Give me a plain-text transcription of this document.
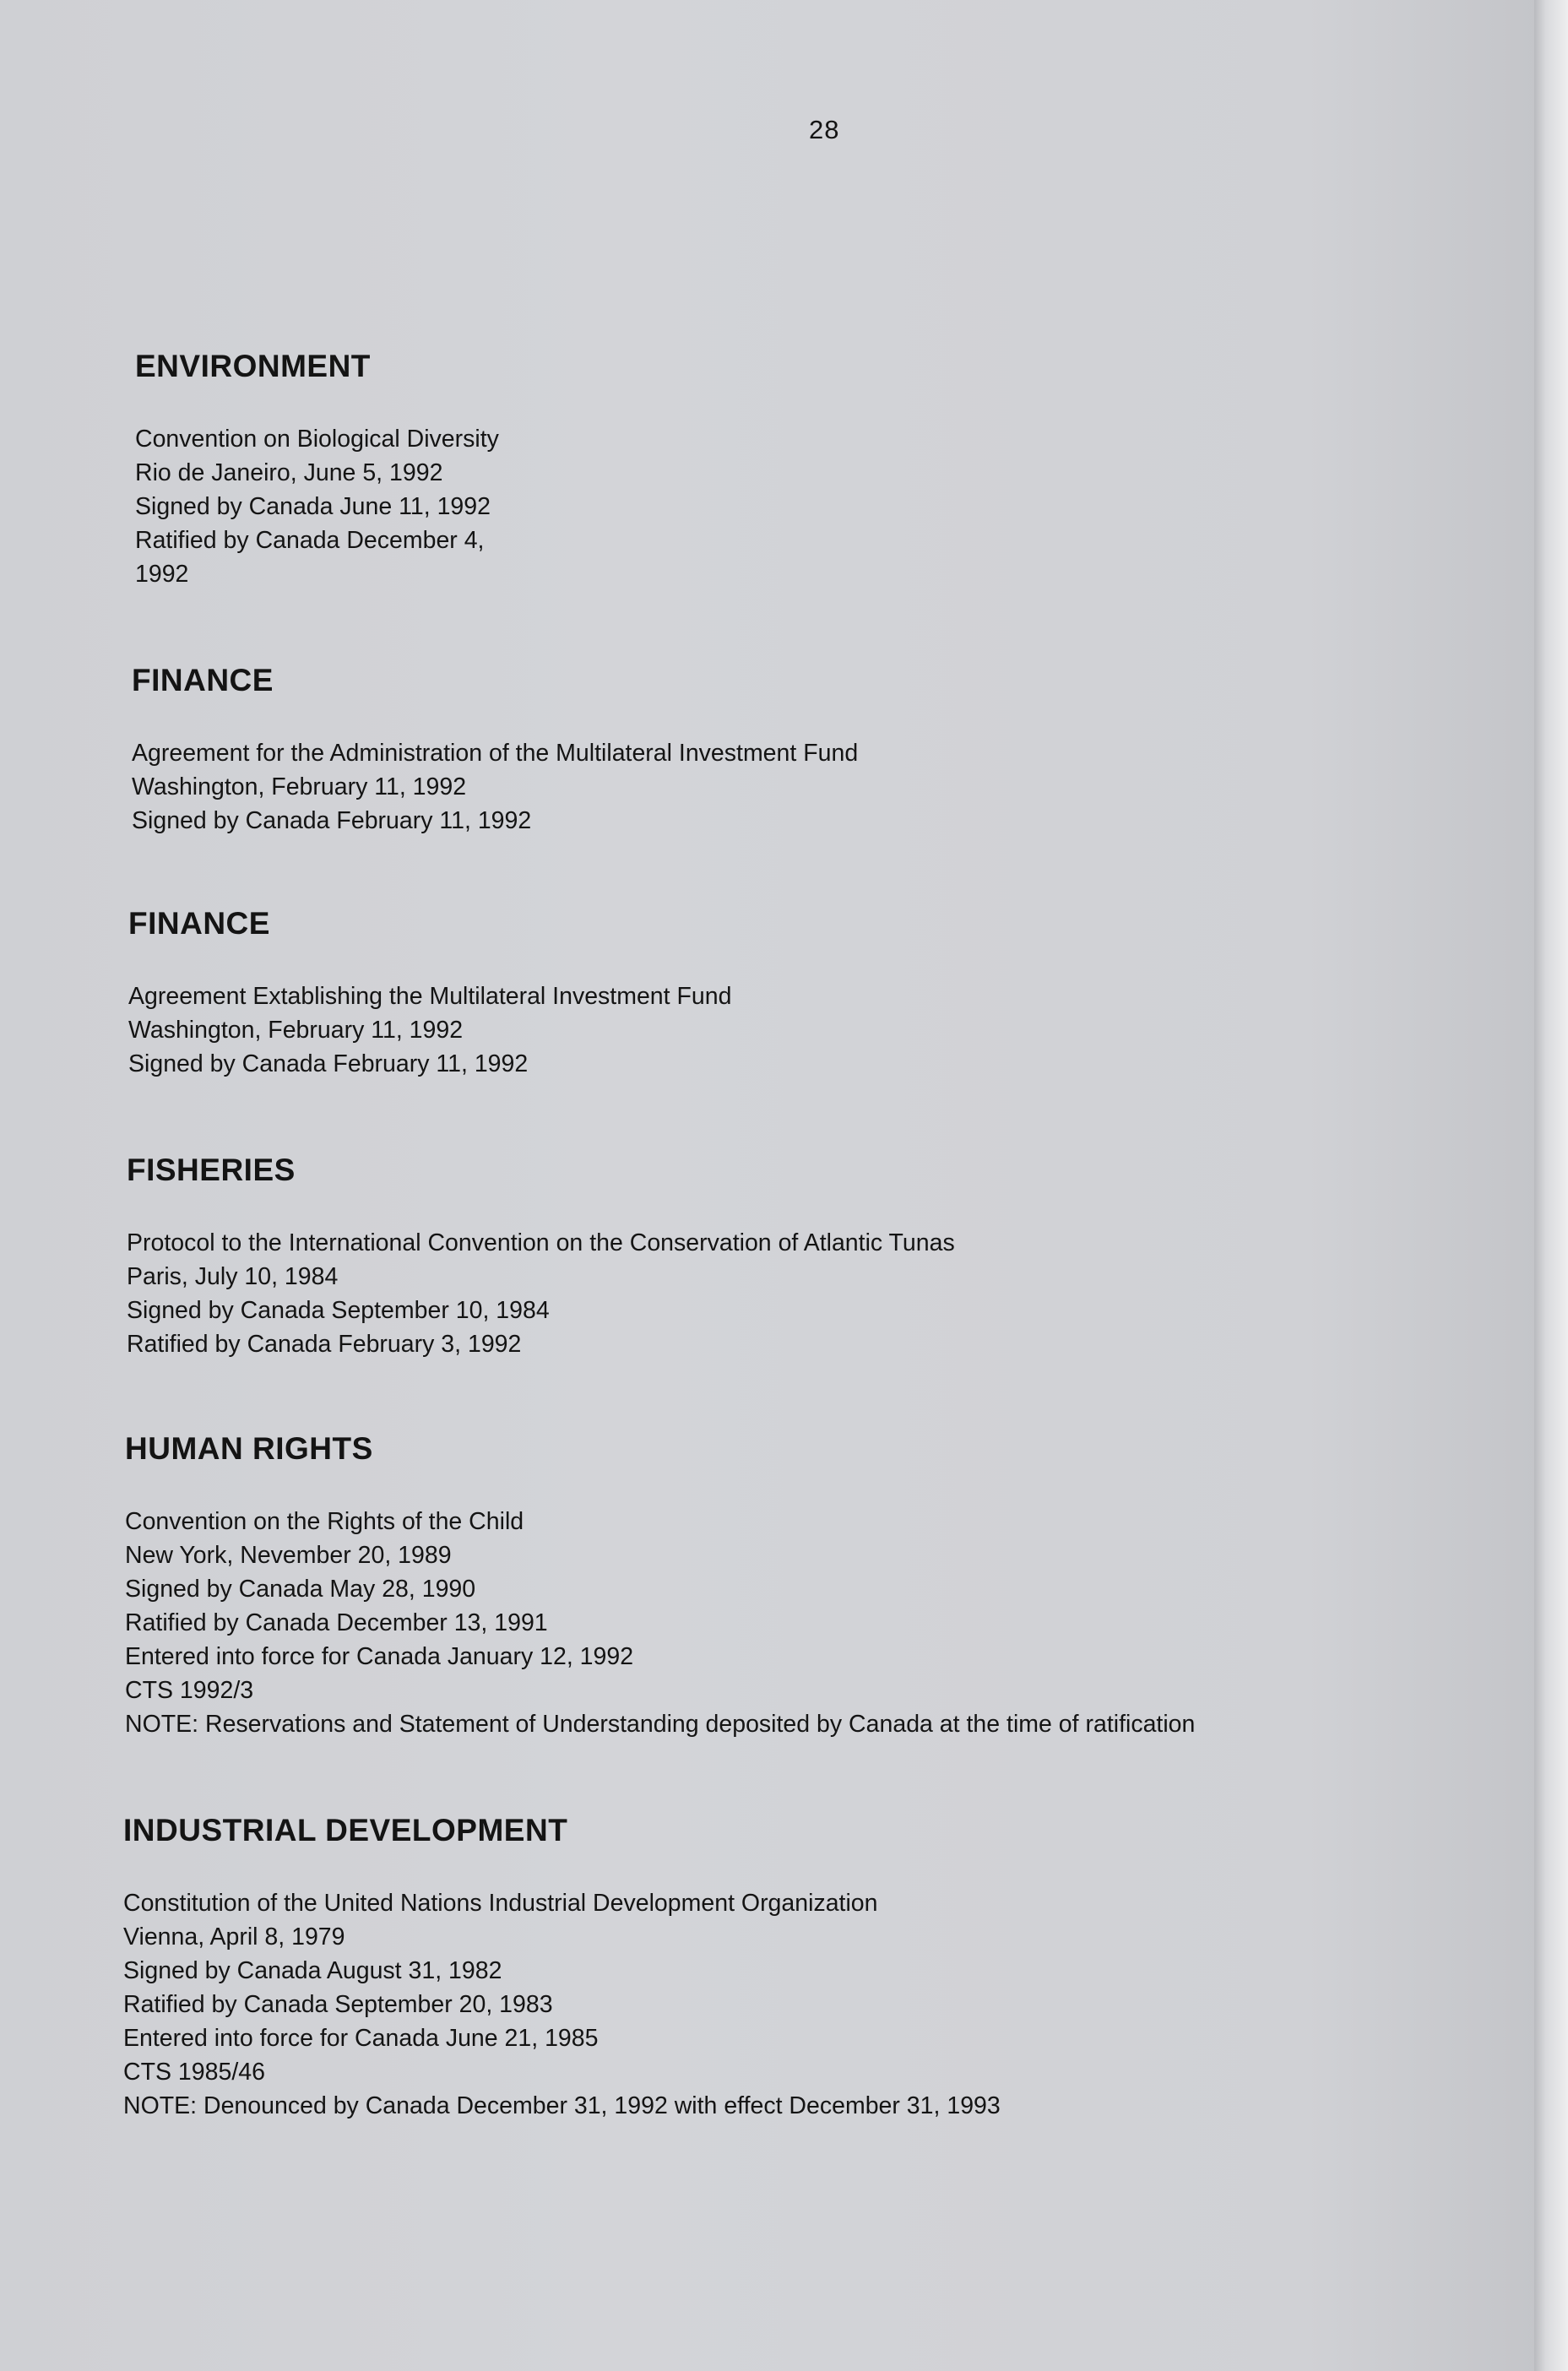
28
ENVIRONMENT
Convention on Biological Diversity
Rio de Janeiro, June 5, 1992
Signed by Canada June 11, 1992
Ratified by Canada December 4,
1992
FINANCE
Agreement for the Administration of the Multilateral Investment Fund
Washington, February 11, 1992
Signed by Canada February 11, 1992
FINANCE
Agreement Extablishing the Multilateral Investment Fund
Washington, February 11, 1992
Signed by Canada February 11, 1992
FISHERIES
Protocol to the International Convention on the Conservation of Atlantic Tunas
Paris, July 10, 1984
Signed by Canada September 10, 1984
Ratified by Canada February 3, 1992
HUMAN RIGHTS
Convention on the Rights of the Child
New York, Nevember 20, 1989
Signed by Canada May 28, 1990
Ratified by Canada December 13, 1991
Entered into force for Canada January 12, 1992
CTS 1992/3
NOTE: Reservations and Statement of Understanding deposited by Canada at the time of ratification
INDUSTRIAL DEVELOPMENT
Constitution of the United Nations Industrial Development Organization
Vienna, April 8, 1979
Signed by Canada August 31, 1982
Ratified by Canada September 20, 1983
Entered into force for Canada June 21, 1985
CTS 1985/46
NOTE: Denounced by Canada December 31, 1992 with effect December 31, 1993
